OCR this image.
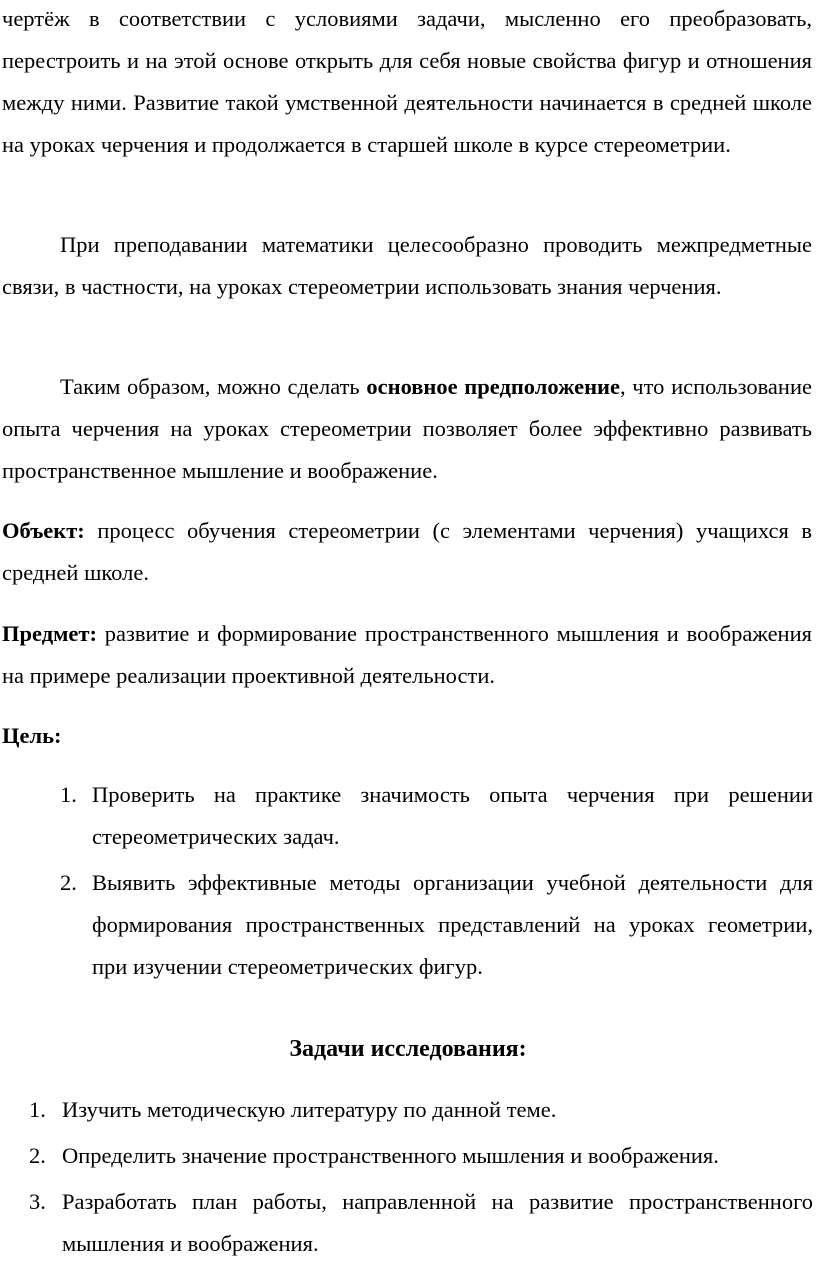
чертёж в соответствии с условиями задачи, мысленно его преобразовать, перестроить и на этой основе открыть для себя новые свойства фигур и отношения между ними. Развитие такой умственной деятельности начинается в средней школе на уроках черчения и продолжается в старшей школе в курсе стереометрии.
При преподавании математики целесообразно проводить межпредметные связи, в частности, на уроках стереометрии использовать знания черчения.
Таким образом, можно сделать основное предположение, что использование опыта черчения на уроках стереометрии позволяет более эффективно развивать пространственное мышление и воображение.
Объект: процесс обучения стереометрии (с элементами черчения) учащихся в средней школе.
Предмет: развитие и формирование пространственного мышления и воображения на примере реализации проективной деятельности.
Цель:
1. Проверить на практике значимость опыта черчения при решении стереометрических задач.
2. Выявить эффективные методы организации учебной деятельности для формирования пространственных представлений на уроках геометрии, при изучении стереометрических фигур.
Задачи исследования:
1. Изучить методическую литературу по данной теме.
2. Определить значение пространственного мышления и воображения.
3. Разработать план работы, направленной на развитие пространственного мышления и воображения.
